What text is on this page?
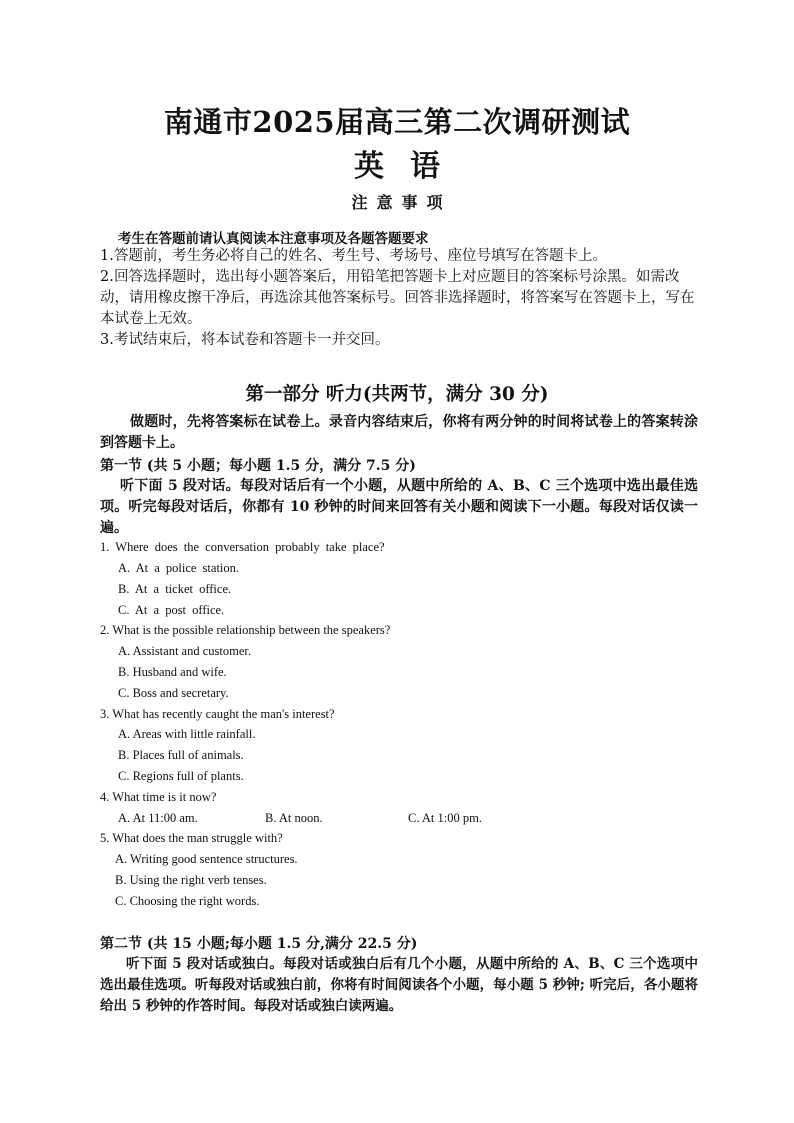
南通市2025届高三第二次调研测试
英语
注意事项
考生在答题前请认真阅读本注意事项及各题答题要求
1. 答题前，考生务必将自己的姓名、考生号、考场号、座位号填写在答题卡上。
2. 回答选择题时，选出每小题答案后，用铅笔把答题卡上对应题目的答案标号涂黑。如需改动，请用橡皮擦干净后，再选涂其他答案标号。回答非选择题时，将答案写在答题卡上，写在本试卷上无效。
3. 考试结束后，将本试卷和答题卡一并交回。
第一部分 听力(共两节，满分 30 分)
做题时，先将答案标在试卷上。录音内容结束后，你将有两分钟的时间将试卷上的答案转涂到答题卡上。
第一节 (共 5 小题；每小题 1.5 分，满分 7.5 分)
听下面 5 段对话。每段对话后有一个小题，从题中所给的 A、B、C 三个选项中选出最佳选项。听完每段对话后，你都有 10 秒钟的时间来回答有关小题和阅读下一小题。每段对话仅读一遍。
1. Where does the conversation probably take place?
A. At a police station.
B. At a ticket office.
C. At a post office.
2. What is the possible relationship between the speakers?
A. Assistant and customer.
B. Husband and wife.
C. Boss and secretary.
3. What has recently caught the man's interest?
A. Areas with little rainfall.
B. Places full of animals.
C. Regions full of plants.
4. What time is it now?
A. At 11:00 am.	B. At noon.	C. At 1:00 pm.
5. What does the man struggle with?
A. Writing good sentence structures.
B. Using the right verb tenses.
C. Choosing the right words.
第二节 (共 15 小题;每小题 1.5 分,满分 22.5 分)
听下面 5 段对话或独白。每段对话或独白后有几个小题，从题中所给的 A、B、C 三个选项中选出最佳选项。听每段对话或独白前，你将有时间阅读各个小题，每小题 5 秒钟; 听完后，各小题将给出 5 秒钟的作答时间。每段对话或独白读两遍。
